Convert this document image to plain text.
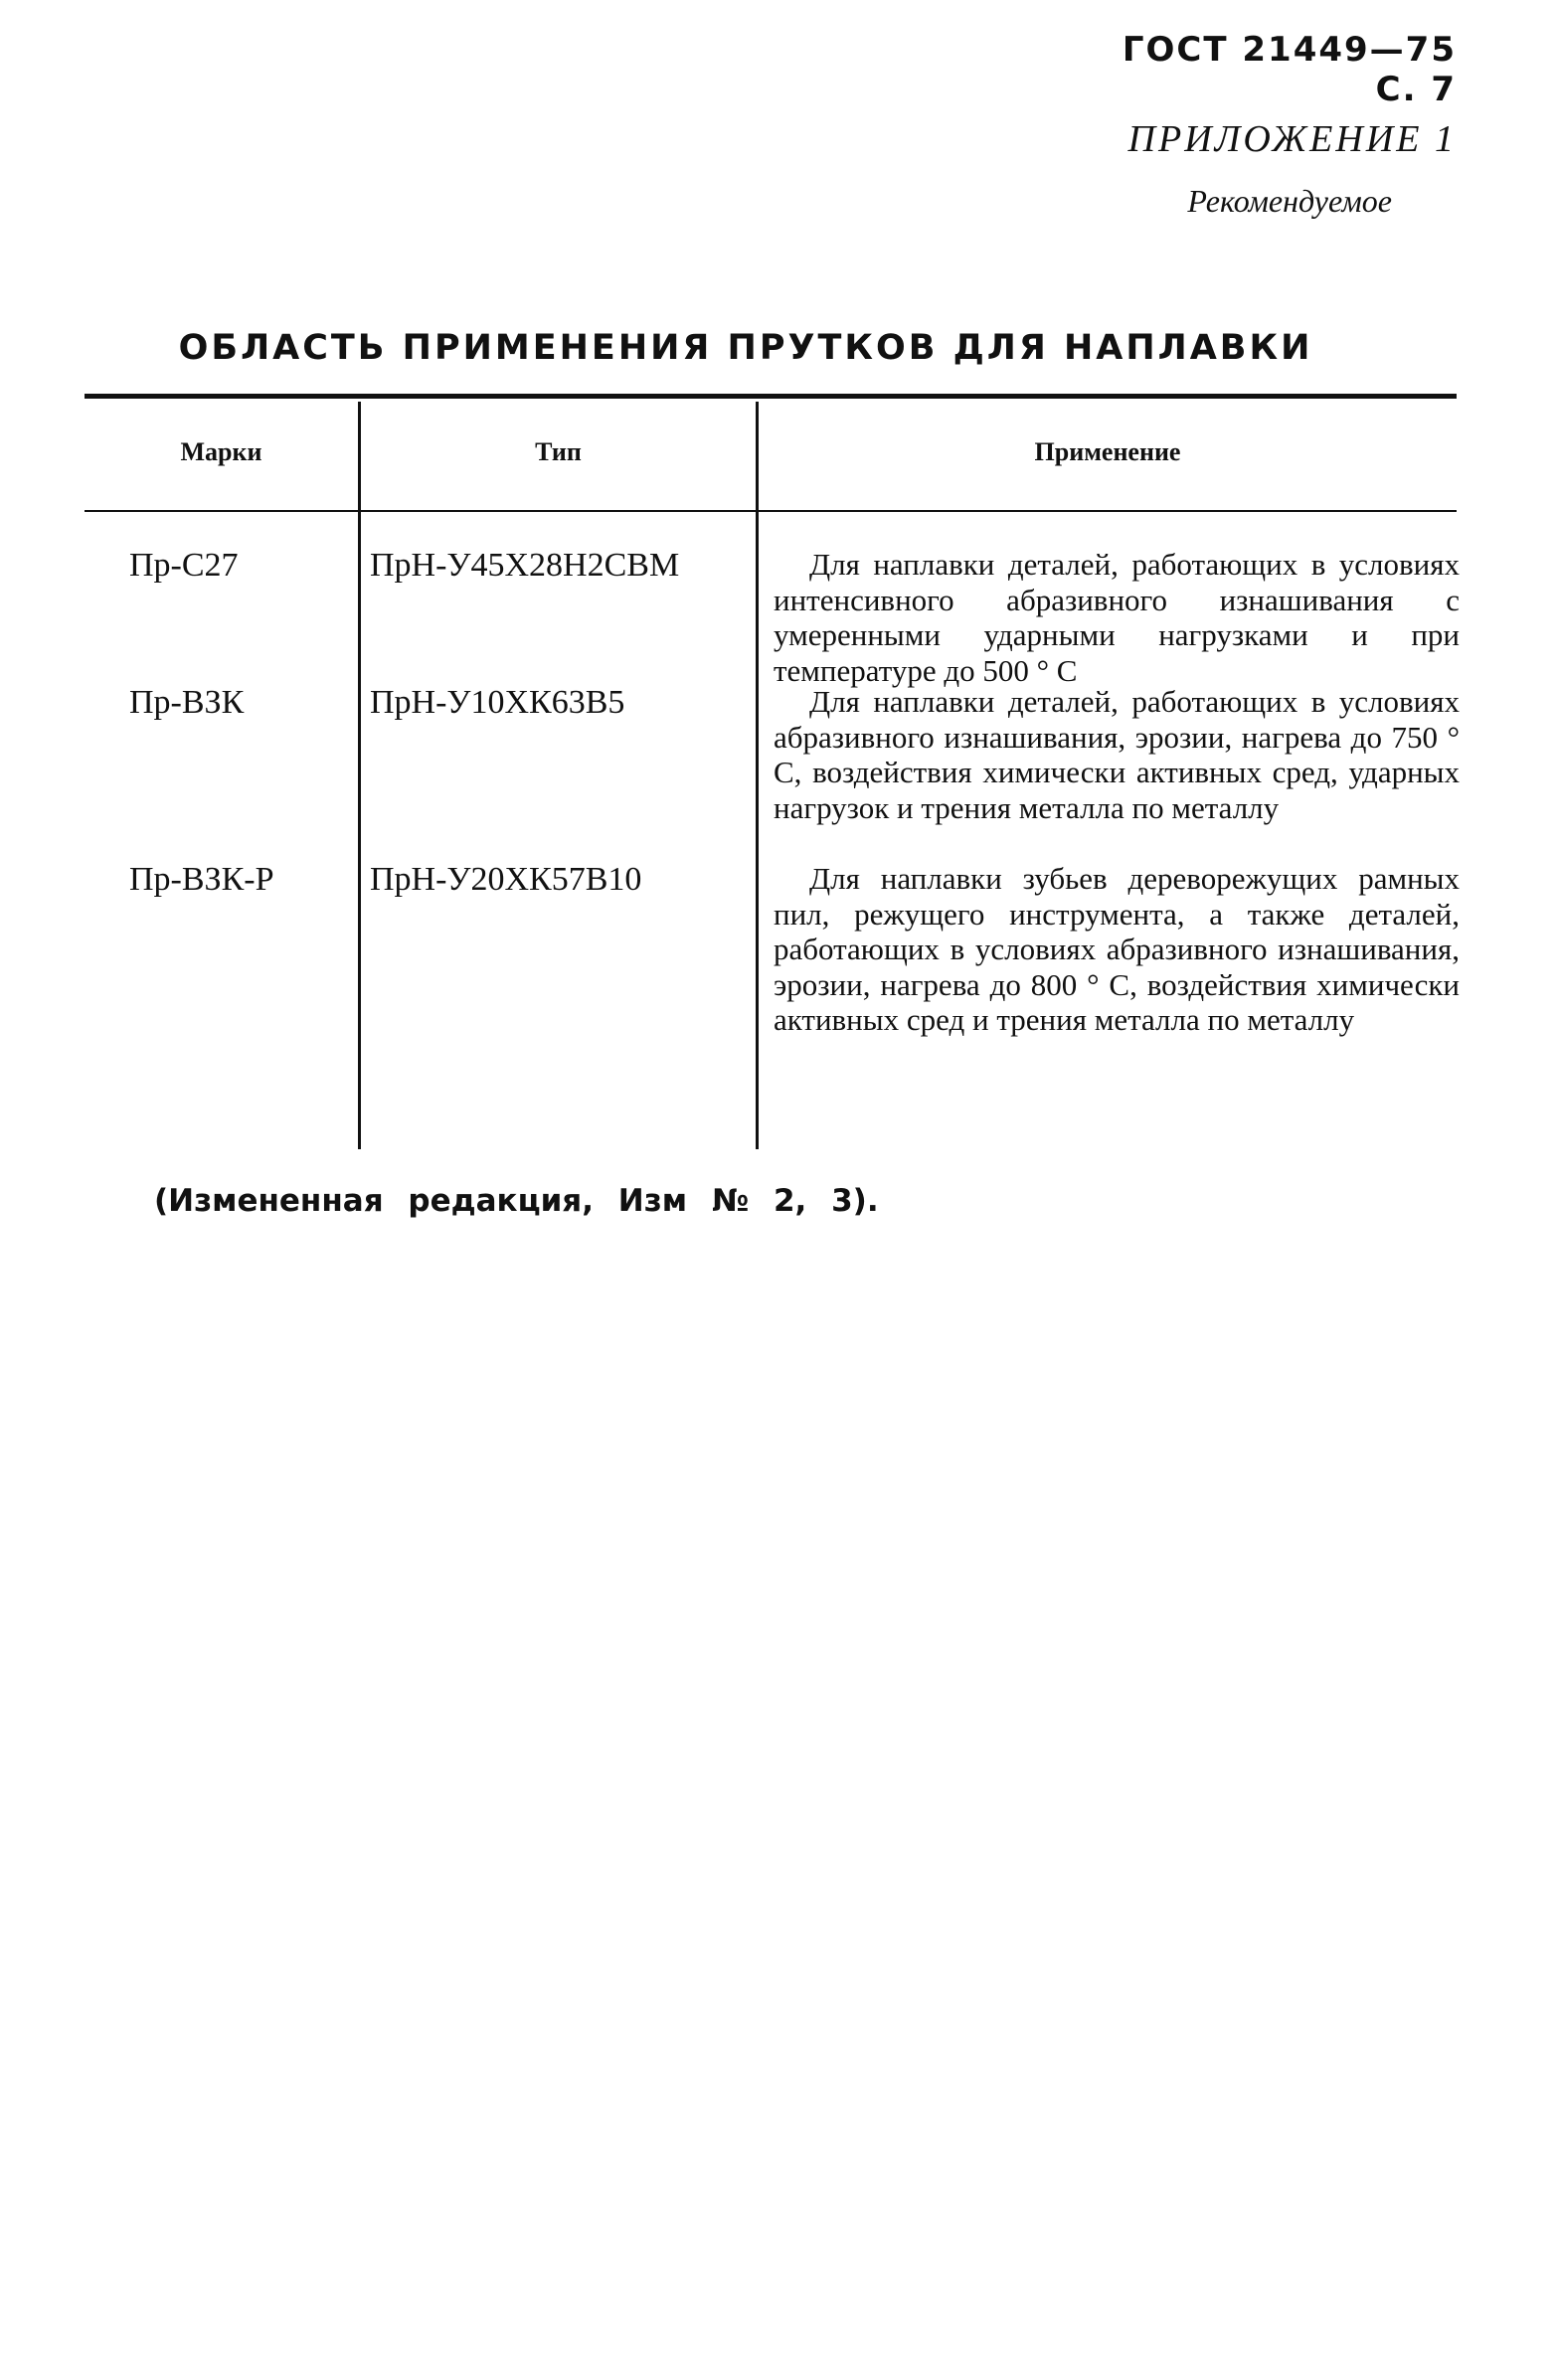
ГОСТ 21449—75 С. 7
ПРИЛОЖЕНИЕ 1
Рекомендуемое
ОБЛАСТЬ ПРИМЕНЕНИЯ ПРУТКОВ ДЛЯ НАПЛАВКИ
Марки	Тип	Применение
Пр-С27	ПрН-У45Х28Н2СВМ	Для наплавки деталей, работающих в условиях интенсивного абразивного изнашивания с умеренными ударными нагрузками и при температуре до 500 ° С
Пр-ВЗК	ПрН-У10ХК63В5	Для наплавки деталей, работающих в условиях абразивного изнашивания, эрозии, нагрева до 750 ° С, воздействия химически активных сред, ударных нагрузок и трения металла по металлу
Пр-ВЗК-Р	ПрН-У20ХК57В10	Для наплавки зубьев дереворежущих рамных пил, режущего инструмента, а также деталей, работающих в условиях абразивного изнашивания, эрозии, нагрева до 800 ° С, воздействия химически активных сред и трения металла по металлу
(Измененная редакция, Изм № 2, 3).
